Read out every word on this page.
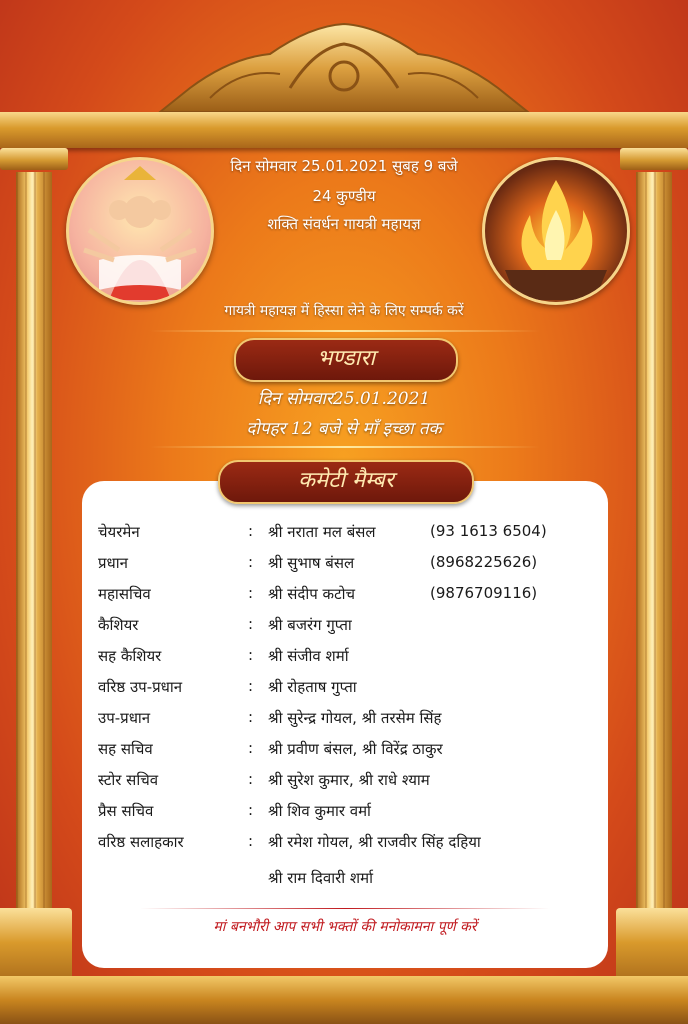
दिन सोमवार 25.01.2021 सुबह 9 बजे
24 कुण्डीय
शक्ति संवर्धन गायत्री महायज्ञ
गायत्री महायज्ञ में हिस्सा लेने के लिए सम्पर्क करें
भण्डारा
दिन सोमवार25.01.2021
दोपहर 12 बजे से माँ इच्छा तक
कमेटी मैम्बर
चेयरमेन	: श्री नराता मल बंसल	(93 1613 6504)
प्रधान	: श्री सुभाष बंसल	(8968225626)
महासचिव	: श्री संदीप कटोच	(9876709116)
कैशियर	: श्री बजरंग गुप्ता
सह कैशियर	: श्री संजीव शर्मा
वरिष्ठ उप-प्रधान	: श्री रोहताष गुप्ता
उप-प्रधान	: श्री सुरेन्द्र गोयल, श्री तरसेम सिंह
सह सचिव	: श्री प्रवीण बंसल, श्री विरेंद्र ठाकुर
स्टोर सचिव	: श्री सुरेश कुमार, श्री राधे श्याम
प्रैस सचिव	: श्री शिव कुमार वर्मा
वरिष्ठ सलाहकार	: श्री रमेश गोयल, श्री राजवीर सिंह दहिया
श्री राम दिवारी शर्मा
मां बनभौरी आप सभी भक्तों की मनोकामना पूर्ण करें
